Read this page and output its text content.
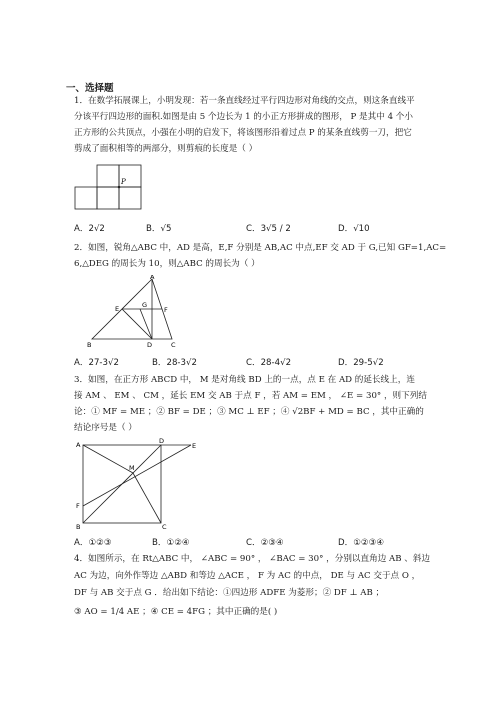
一、选择题
1．在数学拓展课上，小明发现：若一条直线经过平行四边形对角线的交点，则这条直线平
分该平行四边形的面积.如图是由 5 个边长为 1 的小正方形拼成的图形， P 是其中 4 个小
正方形的公共顶点，小强在小明的启发下，将该图形沿着过点 P 的某条直线剪一刀，把它
剪成了面积相等的两部分，则剪痕的长度是（ ）
P
A．2√2	B．√5	C．3√5 / 2	D．√10
2．如图，锐角△ABC 中，AD 是高，E,F 分别是 AB,AC 中点,EF 交 AD 于 G,已知 GF=1,AC=
6,△DEG 的周长为 10，则△ABC 的周长为（ ）
A
E	G
F
B	D	C
A．27-3√2	B．28-3√2	C．28-4√2	D．29-5√2
3．如图，在正方形 ABCD 中， M 是对角线 BD 上的一点，点 E 在 AD 的延长线上，连
接 AM 、 EM 、 CM ，延长 EM 交 AB 于点 F ，若 AM = EM ， ∠E = 30° ，则下列结
论：① MF = ME ；② BF = DE ；③ MC ⊥ EF ；④ √2BF + MD = BC ，其中正确的
结论序号是（ ）
A	D
E
M
F
B	C
A．①②③	B．①②④	C．②③④	D．①②③④
4．如图所示，在 Rt△ABC 中， ∠ABC = 90° ， ∠BAC = 30° ，分别以直角边 AB 、斜边
AC 为边，向外作等边 △ABD 和等边 △ACE ， F 为 AC 的中点， DE 与 AC 交于点 O ，
DF 与 AB 交于点 G ．给出如下结论：①四边形 ADFE 为菱形；② DF ⊥ AB ；
③ AO = 1/4 AE ；④ CE = 4FG ；其中正确的是( )
